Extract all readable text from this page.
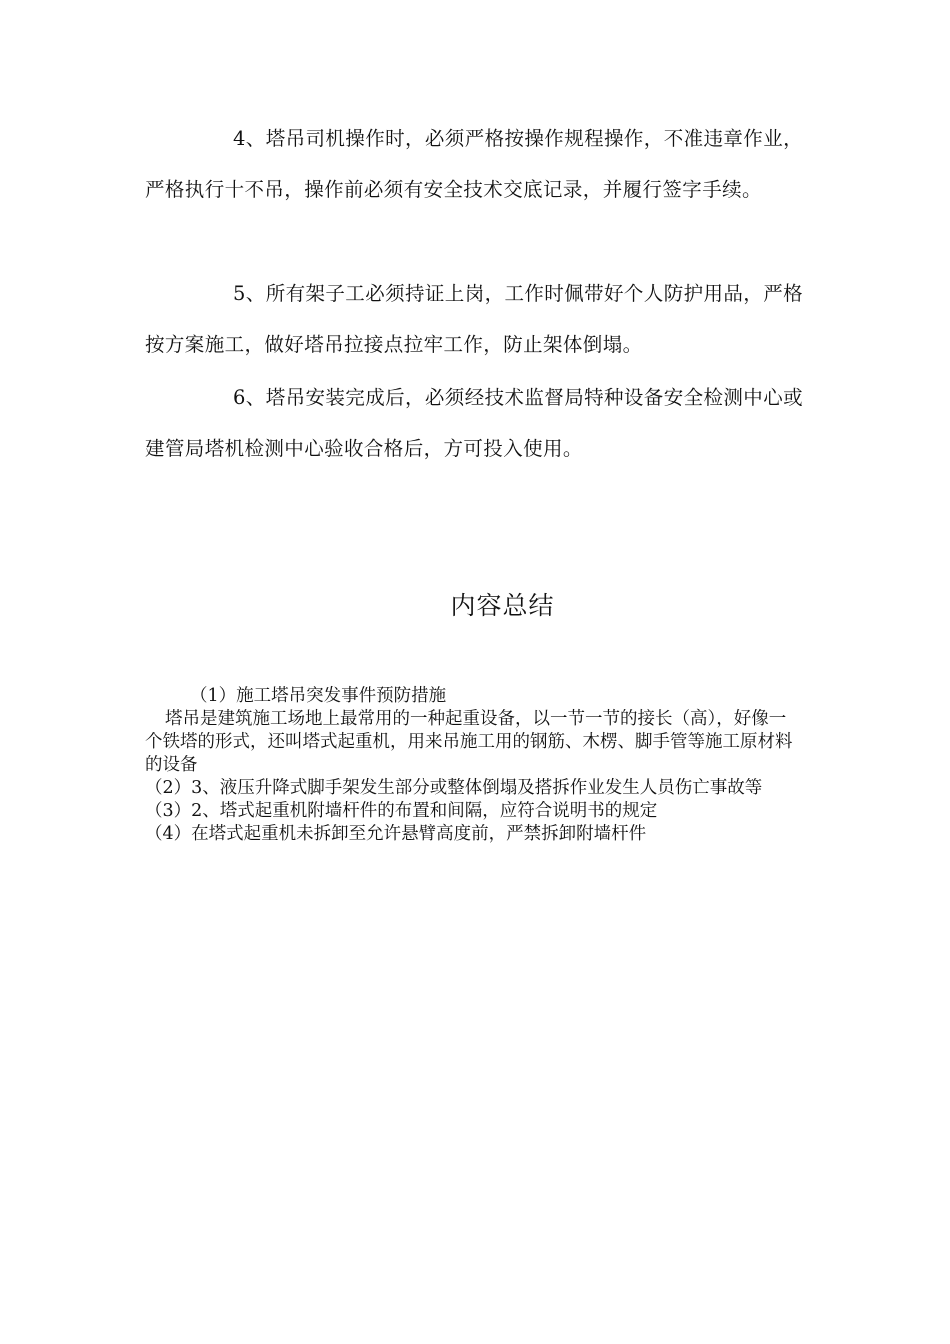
4、塔吊司机操作时，必须严格按操作规程操作，不准违章作业，严格执行十不吊，操作前必须有安全技术交底记录，并履行签字手续。

5、所有架子工必须持证上岗，工作时佩带好个人防护用品，严格按方案施工，做好塔吊拉接点拉牢工作，防止架体倒塌。

6、塔吊安装完成后，必须经技术监督局特种设备安全检测中心或建管局塔机检测中心验收合格后，方可投入使用。

内容总结

（1）施工塔吊突发事件预防措施

塔吊是建筑施工场地上最常用的一种起重设备，以一节一节的接长（高），好像一个铁塔的形式，还叫塔式起重机，用来吊施工用的钢筋、木楞、脚手管等施工原材料的设备

（2）3、液压升降式脚手架发生部分或整体倒塌及搭拆作业发生人员伤亡事故等

（3）2、塔式起重机附墙杆件的布置和间隔，应符合说明书的规定

（4）在塔式起重机未拆卸至允许悬臂高度前，严禁拆卸附墙杆件
